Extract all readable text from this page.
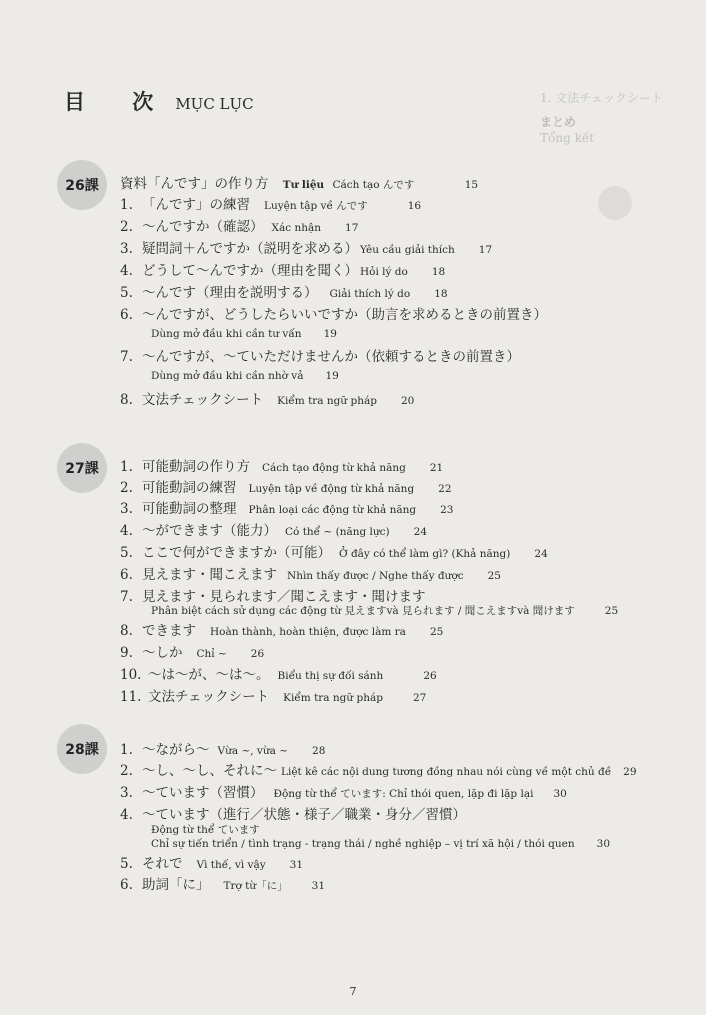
目 次 MỤC LỤC	1. 文法チェックシート
まとめ
Tổng kết
26課	資料「んです」の作り方 Tư liệu Cách tạo んです	15
1. 「んです」の練習 Luyện tập về んです	16
2. ～んですか（確認） Xác nhận 17
3. 疑問詞＋んですか（説明を求める） Yêu cầu giải thích 17
4. どうして～んですか（理由を聞く） Hỏi lý do 18
5. ～んです（理由を説明する） Giải thích lý do 18
6. ～んですが、どうしたらいいですか（助言を求めるときの前置き）
Dùng mở đầu khi cần tư vấn 19
7. ～んですが、～ていただけませんか（依頼するときの前置き）
Dùng mở đầu khi cần nhờ vả 19
8. 文法チェックシート Kiểm tra ngữ pháp 20
27課	1. 可能動詞の作り方 Cách tạo động từ khả năng 21
2. 可能動詞の練習 Luyện tập về động từ khả năng 22
3. 可能動詞の整理 Phân loại các động từ khả năng 23
4. ～ができます（能力） Có thể ~ (năng lực) 24
5. ここで何ができますか（可能） Ở đây có thể làm gì? (Khả năng) 24
6. 見えます・聞こえます Nhìn thấy được / Nghe thấy được 25
7. 見えます・見られます／聞こえます・聞けます
Phân biệt cách sử dụng các động từ 見えますvà 見られます / 聞こえますvà 聞けます	25
8. できます Hoàn thành, hoàn thiện, được làm ra 25
9. ～しか Chỉ ~ 26
10. ～は～が、～は～。 Biểu thị sự đối sánh	26
11. 文法チェックシート Kiểm tra ngữ pháp	27
28課	1. ～ながら～ Vừa ~, vừa ~ 28
2. ～し、～し、それに～ Liệt kê các nội dung tương đồng nhau nói cùng về một chủ đề 29
3. ～ています（習慣） Động từ thể ています: Chỉ thói quen, lặp đi lặp lại 30
4. ～ています（進行／状態・様子／職業・身分／習慣）
Động từ thể ています
Chỉ sự tiến triển / tình trạng - trạng thái / nghề nghiệp – vị trí xã hội / thói quen 30
5. それで Vì thế, vì vậy 31
6. 助詞「に」 Trợ từ「に」 31
7
